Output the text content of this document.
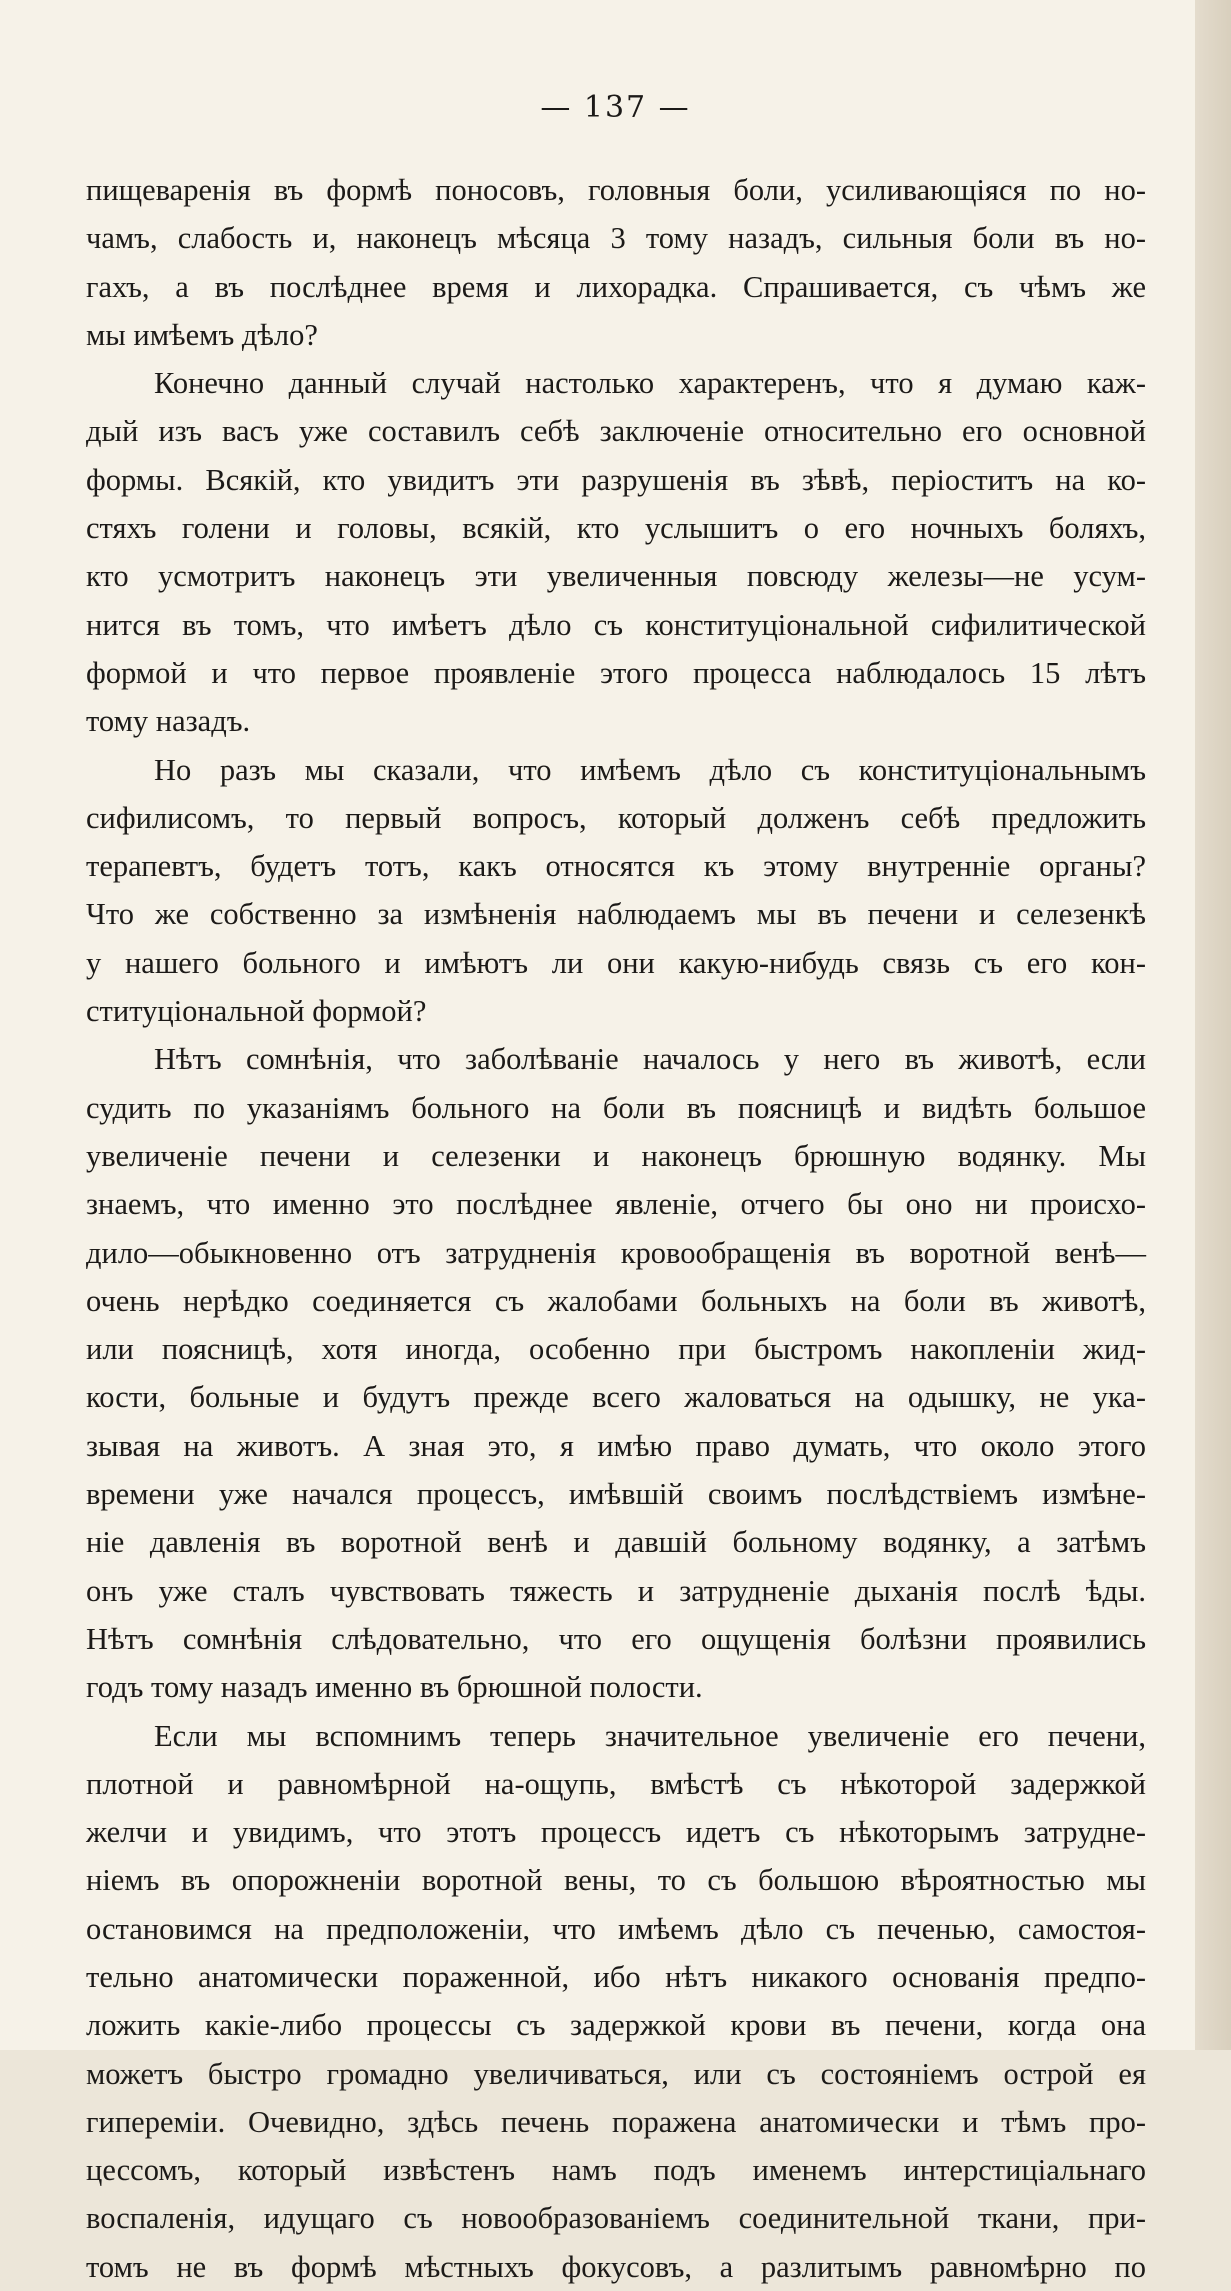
— 137 —
пищеваренія въ формѣ поносовъ, головныя боли, усиливающіяся по но-
чамъ, слабость и, наконецъ мѣсяца 3 тому назадъ, сильныя боли въ но-
гахъ, а въ послѣднее время и лихорадка. Спрашивается, съ чѣмъ же
мы имѣемъ дѣло?
Конечно данный случай настолько характеренъ, что я думаю каж-
дый изъ васъ уже составилъ себѣ заключеніе относительно его основной
формы. Всякій, кто увидитъ эти разрушенія въ зѣвѣ, періоститъ на ко-
стяхъ голени и головы, всякій, кто услышитъ о его ночныхъ боляхъ,
кто усмотритъ наконецъ эти увеличенныя повсюду железы—не усум-
нится въ томъ, что имѣетъ дѣло съ конституціональной сифилитической
формой и что первое проявленіе этого процесса наблюдалось 15 лѣтъ
тому назадъ.
Но разъ мы сказали, что имѣемъ дѣло съ конституціональнымъ
сифилисомъ, то первый вопросъ, который долженъ себѣ предложить
терапевтъ, будетъ тотъ, какъ относятся къ этому внутренніе органы?
Что же собственно за измѣненія наблюдаемъ мы въ печени и селезенкѣ
у нашего больного и имѣютъ ли они какую-нибудь связь съ его кон-
ституціональной формой?
Нѣтъ сомнѣнія, что заболѣваніе началось у него въ животѣ, если
судить по указаніямъ больного на боли въ поясницѣ и видѣть большое
увеличеніе печени и селезенки и наконецъ брюшную водянку. Мы
знаемъ, что именно это послѣднее явленіе, отчего бы оно ни происхо-
дило—обыкновенно отъ затрудненія кровообращенія въ воротной венѣ—
очень нерѣдко соединяется съ жалобами больныхъ на боли въ животѣ,
или поясницѣ, хотя иногда, особенно при быстромъ накопленіи жид-
кости, больные и будутъ прежде всего жаловаться на одышку, не ука-
зывая на животъ. А зная это, я имѣю право думать, что около этого
времени уже начался процессъ, имѣвшій своимъ послѣдствіемъ измѣне-
ніе давленія въ воротной венѣ и давшій больному водянку, а затѣмъ
онъ уже сталъ чувствовать тяжесть и затрудненіе дыханія послѣ ѣды.
Нѣтъ сомнѣнія слѣдовательно, что его ощущенія болѣзни проявились
годъ тому назадъ именно въ брюшной полости.
Если мы вспомнимъ теперь значительное увеличеніе его печени,
плотной и равномѣрной на-ощупь, вмѣстѣ съ нѣкоторой задержкой
желчи и увидимъ, что этотъ процессъ идетъ съ нѣкоторымъ затрудне-
ніемъ въ опорожненіи воротной вены, то съ большою вѣроятностью мы
остановимся на предположеніи, что имѣемъ дѣло съ печенью, самостоя-
тельно анатомически пораженной, ибо нѣтъ никакого основанія предпо-
ложить какіе-либо процессы съ задержкой крови въ печени, когда она
можетъ быстро громадно увеличиваться, или съ состояніемъ острой ея
гипереміи. Очевидно, здѣсь печень поражена анатомически и тѣмъ про-
цессомъ, который извѣстенъ намъ подъ именемъ интерстиціальнаго
воспаленія, идущаго съ новообразованіемъ соединительной ткани, при-
томъ не въ формѣ мѣстныхъ фокусовъ, а разлитымъ равномѣрно по
